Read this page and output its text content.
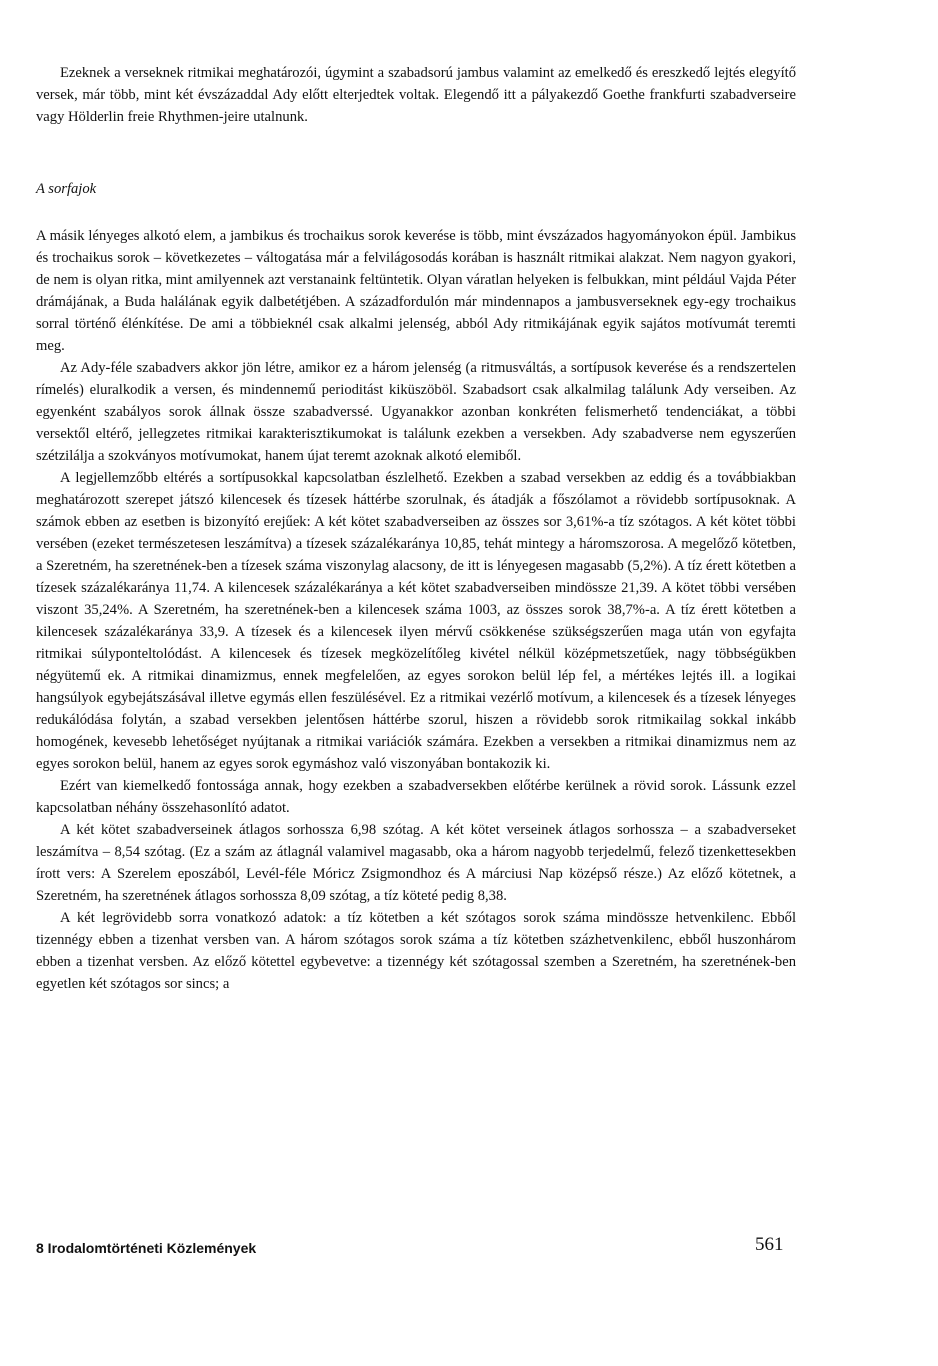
Ezeknek a verseknek ritmikai meghatározói, úgymint a szabadsorú jambus valamint az emelkedő és ereszkedő lejtés elegyítő versek, már több, mint két évszázaddal Ady előtt elterjedtek voltak. Elegendő itt a pályakezdő Goethe frankfurti szabadverseire vagy Hölderlin freie Rhythmen-jeire utalnunk.

A sorfajok

A másik lényeges alkotó elem, a jambikus és trochaikus sorok keverése is több, mint évszázados hagyományokon épül. Jambikus és trochaikus sorok – következetes – váltogatása már a felvilágosodás korában is használt ritmikai alakzat. Nem nagyon gyakori, de nem is olyan ritka, mint amilyennek azt verstanaink feltüntetik. Olyan váratlan helyeken is felbukkan, mint például Vajda Péter drámájának, a Buda halálának egyik dalbetétjében. A századfordulón már mindennapos a jambusverseknek egy-egy trochaikus sorral történő élénkítése. De ami a többieknél csak alkalmi jelenség, abból Ady ritmikájának egyik sajátos motívumát teremti meg.

Az Ady-féle szabadvers akkor jön létre, amikor ez a három jelenség (a ritmusváltás, a sortípusok keverése és a rendszertelen rímelés) eluralkodik a versen, és mindennemű perioditást kiküszöböl. Szabadsort csak alkalmilag találunk Ady verseiben. Az egyenként szabályos sorok állnak össze szabadverssé. Ugyanakkor azonban konkréten felismerhető tendenciákat, a többi versektől eltérő, jellegzetes ritmikai karakterisztikumokat is találunk ezekben a versekben. Ady szabadverse nem egyszerűen szétzilálja a szokványos motívumokat, hanem újat teremt azoknak alkotó elemiből.

A legjellemzőbb eltérés a sortípusokkal kapcsolatban észlelhető. Ezekben a szabad versekben az eddig és a továbbiakban meghatározott szerepet játszó kilencesek és tízesek háttérbe szorulnak, és átadják a főszólamot a rövidebb sortípusoknak. A számok ebben az esetben is bizonyító erejűek: A két kötet szabadverseiben az összes sor 3,61%-a tíz szótagos. A két kötet többi versében (ezeket természetesen leszámítva) a tízesek százalékaránya 10,85, tehát mintegy a háromszorosa. A megelőző kötetben, a Szeretném, ha szeretnének-ben a tízesek száma viszonylag alacsony, de itt is lényegesen magasabb (5,2%). A tíz érett kötetben a tízesek százalékaránya 11,74. A kilencesek százalékaránya a két kötet szabadverseiben mindössze 21,39. A kötet többi versében viszont 35,24%. A Szeretném, ha szeretnének-ben a kilencesek száma 1003, az összes sorok 38,7%-a. A tíz érett kötetben a kilencesek százalékaránya 33,9. A tízesek és a kilencesek ilyen mérvű csökkenése szükségszerűen maga után von egyfajta ritmikai súlyponteltolódást. A kilencesek és tízesek megközelítőleg kivétel nélkül középmetszetűek, nagy többségükben négyütemű ek. A ritmikai dinamizmus, ennek megfelelően, az egyes sorokon belül lép fel, a mértékes lejtés ill. a logikai hangsúlyok egybejátszásával illetve egymás ellen feszülésével. Ez a ritmikai vezérlő motívum, a kilencesek és a tízesek lényeges redukálódása folytán, a szabad versekben jelentősen háttérbe szorul, hiszen a rövidebb sorok ritmikailag sokkal inkább homogének, kevesebb lehetőséget nyújtanak a ritmikai variációk számára. Ezekben a versekben a ritmikai dinamizmus nem az egyes sorokon belül, hanem az egyes sorok egymáshoz való viszonyában bontakozik ki.

Ezért van kiemelkedő fontossága annak, hogy ezekben a szabadversekben előtérbe kerülnek a rövid sorok. Lássunk ezzel kapcsolatban néhány összehasonlító adatot.

A két kötet szabadverseinek átlagos sorhossza 6,98 szótag. A két kötet verseinek átlagos sorhossza – a szabadverseket leszámítva – 8,54 szótag. (Ez a szám az átlagnál valamivel magasabb, oka a három nagyobb terjedelmű, felező tizenkettesekben írott vers: A Szerelem eposzából, Levél-féle Móricz Zsigmondhoz és A márciusi Nap középső része.) Az előző kötetnek, a Szeretném, ha szeretnének átlagos sorhossza 8,09 szótag, a tíz köteté pedig 8,38.

A két legrövidebb sorra vonatkozó adatok: a tíz kötetben a két szótagos sorok száma mindössze hetvenkilenc. Ebből tizennégy ebben a tizenhat versben van. A három szótagos sorok száma a tíz kötetben százhetvenkilenc, ebből huszonhárom ebben a tizenhat versben. Az előző kötettel egybevetve: a tizennégy két szótagossal szemben a Szeretném, ha szeretnének-ben egyetlen két szótagos sor sincs; a

8 Irodalomtörténeti Közlemények	561
